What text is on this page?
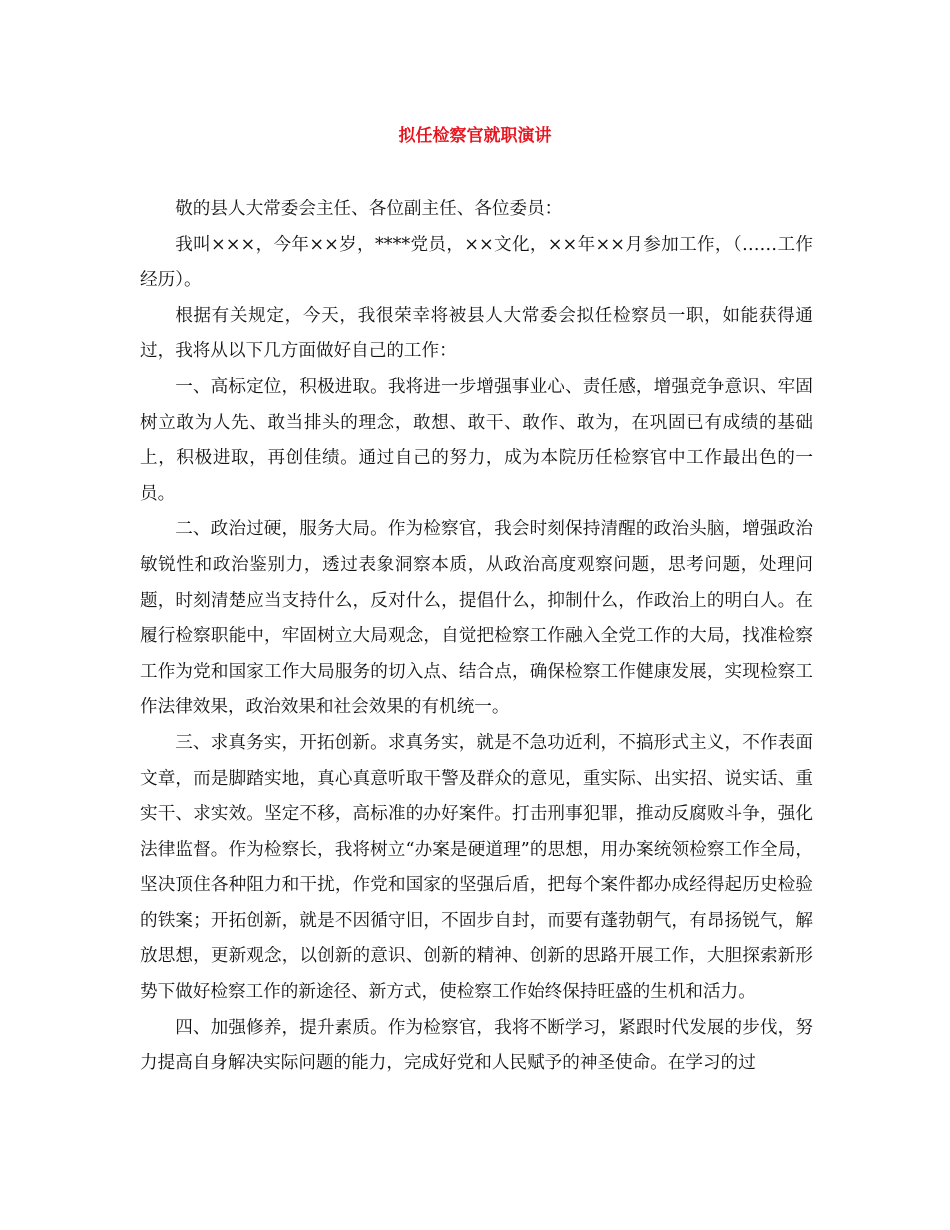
拟任检察官就职演讲

敬的县人大常委会主任、各位副主任、各位委员：

我叫×××，今年××岁，****党员，××文化，××年××月参加工作，（……工作经历）。

根据有关规定，今天，我很荣幸将被县人大常委会拟任检察员一职，如能获得通过，我将从以下几方面做好自己的工作：

一、高标定位，积极进取。我将进一步增强事业心、责任感，增强竞争意识、牢固树立敢为人先、敢当排头的理念，敢想、敢干、敢作、敢为，在巩固已有成绩的基础上，积极进取，再创佳绩。通过自己的努力，成为本院历任检察官中工作最出色的一员。

二、政治过硬，服务大局。作为检察官，我会时刻保持清醒的政治头脑，增强政治敏锐性和政治鉴别力，透过表象洞察本质，从政治高度观察问题，思考问题，处理问题，时刻清楚应当支持什么，反对什么，提倡什么，抑制什么，作政治上的明白人。在履行检察职能中，牢固树立大局观念，自觉把检察工作融入全党工作的大局，找准检察工作为党和国家工作大局服务的切入点、结合点，确保检察工作健康发展，实现检察工作法律效果，政治效果和社会效果的有机统一。

三、求真务实，开拓创新。求真务实，就是不急功近利，不搞形式主义，不作表面文章，而是脚踏实地，真心真意听取干警及群众的意见，重实际、出实招、说实话、重实干、求实效。坚定不移，高标准的办好案件。打击刑事犯罪，推动反腐败斗争，强化法律监督。作为检察长，我将树立“办案是硬道理”的思想，用办案统领检察工作全局，坚决顶住各种阻力和干扰，作党和国家的坚强后盾，把每个案件都办成经得起历史检验的铁案；开拓创新，就是不因循守旧，不固步自封，而要有蓬勃朝气，有昂扬锐气，解放思想，更新观念，以创新的意识、创新的精神、创新的思路开展工作，大胆探索新形势下做好检察工作的新途径、新方式，使检察工作始终保持旺盛的生机和活力。

四、加强修养，提升素质。作为检察官，我将不断学习，紧跟时代发展的步伐，努力提高自身解决实际问题的能力，完成好党和人民赋予的神圣使命。在学习的过
